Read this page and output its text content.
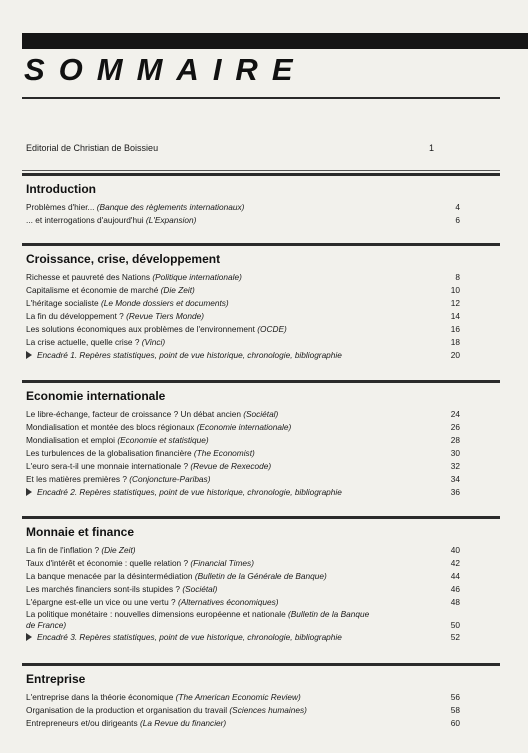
SOMMAIRE
Editorial de Christian de Boissieu	1
Introduction
Problèmes d'hier... (Banque des règlements internationaux)	4
... et interrogations d'aujourd'hui (L'Expansion)	6
Croissance, crise, développement
Richesse et pauvreté des Nations (Politique internationale)	8
Capitalisme et économie de marché (Die Zeit)	10
L'héritage socialiste (Le Monde dossiers et documents)	12
La fin du développement ? (Revue Tiers Monde)	14
Les solutions économiques aux problèmes de l'environnement (OCDE)	16
La crise actuelle, quelle crise ? (Vinci)	18
Encadré 1. Repères statistiques, point de vue historique, chronologie, bibliographie	20
Economie internationale
Le libre-échange, facteur de croissance ? Un débat ancien (Sociétal)	24
Mondialisation et montée des blocs régionaux (Economie internationale)	26
Mondialisation et emploi (Economie et statistique)	28
Les turbulences de la globalisation financière (The Economist)	30
L'euro sera-t-il une monnaie internationale ? (Revue de Rexecode)	32
Et les matières premières ? (Conjoncture-Paribas)	34
Encadré 2. Repères statistiques, point de vue historique, chronologie, bibliographie	36
Monnaie et finance
La fin de l'inflation ? (Die Zeit)	40
Taux d'intérêt et économie : quelle relation ? (Financial Times)	42
La banque menacée par la désintermédiation (Bulletin de la Générale de Banque)	44
Les marchés financiers sont-ils stupides ? (Sociétal)	46
L'épargne est-elle un vice ou une vertu ? (Alternatives économiques)	48
La politique monétaire : nouvelles dimensions européenne et nationale (Bulletin de la Banque de France)	50
Encadré 3. Repères statistiques, point de vue historique, chronologie, bibliographie	52
Entreprise
L'entreprise dans la théorie économique (The American Economic Review)	56
Organisation de la production et organisation du travail (Sciences humaines)	58
Entrepreneurs et/ou dirigeants (La Revue du financier)	60
